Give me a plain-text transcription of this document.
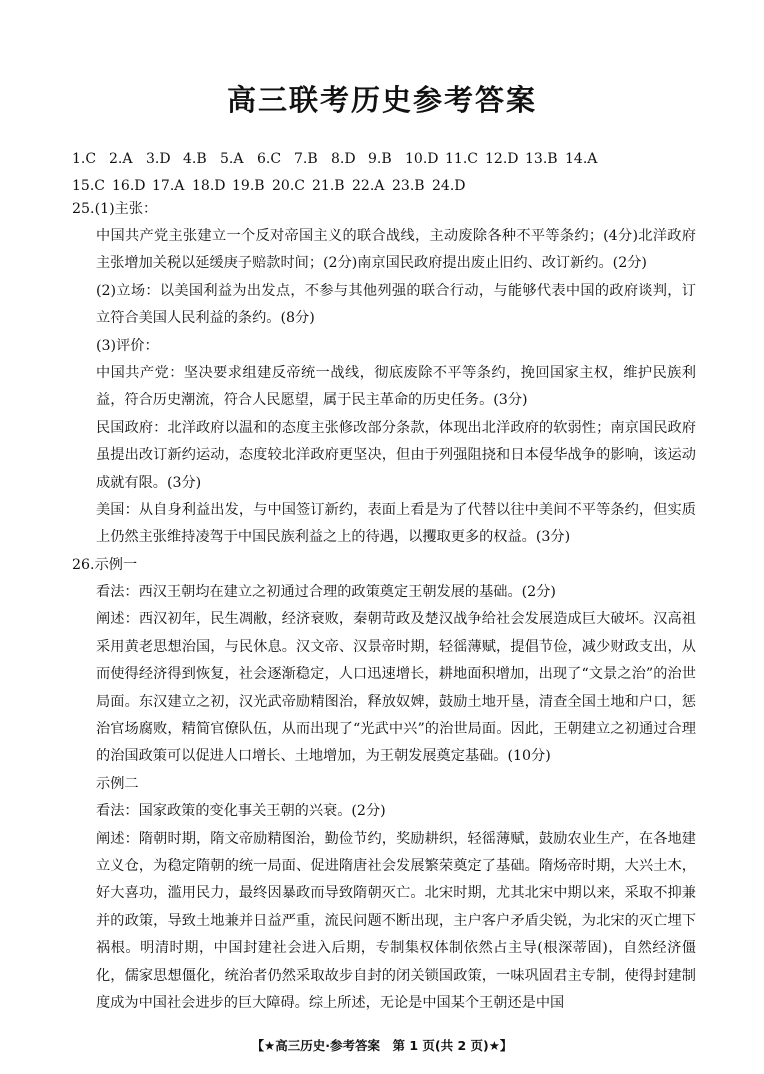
高三联考历史参考答案
1.C 2.A 3.D 4.B 5.A 6.C 7.B 8.D 9.B 10.D 11.C 12.D 13.B 14.A
15.C 16.D 17.A 18.D 19.B 20.C 21.B 22.A 23.B 24.D
25.(1)主张：

中国共产党主张建立一个反对帝国主义的联合战线，主动废除各种不平等条约；(4分)北洋政府主张增加关税以延缓庚子赔款时间；(2分)南京国民政府提出废止旧约、改订新约。(2分)

(2)立场：以美国利益为出发点，不参与其他列强的联合行动，与能够代表中国的政府谈判，订立符合美国人民利益的条约。(8分)

(3)评价：

中国共产党：坚决要求组建反帝统一战线，彻底废除不平等条约，挽回国家主权，维护民族利益，符合历史潮流，符合人民愿望，属于民主革命的历史任务。(3分)

民国政府：北洋政府以温和的态度主张修改部分条款，体现出北洋政府的软弱性；南京国民政府虽提出改订新约运动，态度较北洋政府更坚决，但由于列强阻挠和日本侵华战争的影响，该运动成就有限。(3分)

美国：从自身利益出发，与中国签订新约，表面上看是为了代替以往中美间不平等条约，但实质上仍然主张维持凌驾于中国民族利益之上的待遇，以攫取更多的权益。(3分)

26.示例一

看法：西汉王朝均在建立之初通过合理的政策奠定王朝发展的基础。(2分)

阐述：西汉初年，民生凋敝，经济衰败，秦朝苛政及楚汉战争给社会发展造成巨大破坏。汉高祖采用黄老思想治国，与民休息。汉文帝、汉景帝时期，轻徭薄赋，提倡节俭，减少财政支出，从而使得经济得到恢复，社会逐渐稳定，人口迅速增长，耕地面积增加，出现了“文景之治”的治世局面。东汉建立之初，汉光武帝励精图治，释放奴婢，鼓励土地开垦，清查全国土地和户口，惩治官场腐败，精简官僚队伍，从而出现了“光武中兴”的治世局面。因此，王朝建立之初通过合理的治国政策可以促进人口增长、土地增加，为王朝发展奠定基础。(10分)

示例二

看法：国家政策的变化事关王朝的兴衰。(2分)

阐述：隋朝时期，隋文帝励精图治，勤俭节约，奖励耕织，轻徭薄赋，鼓励农业生产，在各地建立义仓，为稳定隋朝的统一局面、促进隋唐社会发展繁荣奠定了基础。隋炀帝时期，大兴土木，好大喜功，滥用民力，最终因暴政而导致隋朝灭亡。北宋时期，尤其北宋中期以来，采取不抑兼并的政策，导致土地兼并日益严重，流民问题不断出现，主户客户矛盾尖锐，为北宋的灭亡埋下祸根。明清时期，中国封建社会进入后期，专制集权体制依然占主导(根深蒂固)，自然经济僵化，儒家思想僵化，统治者仍然采取故步自封的闭关锁国政策，一味巩固君主专制，使得封建制度成为中国社会进步的巨大障碍。综上所述，无论是中国某个王朝还是中国

【★高三历史·参考答案　第 1 页(共 2 页)★】
